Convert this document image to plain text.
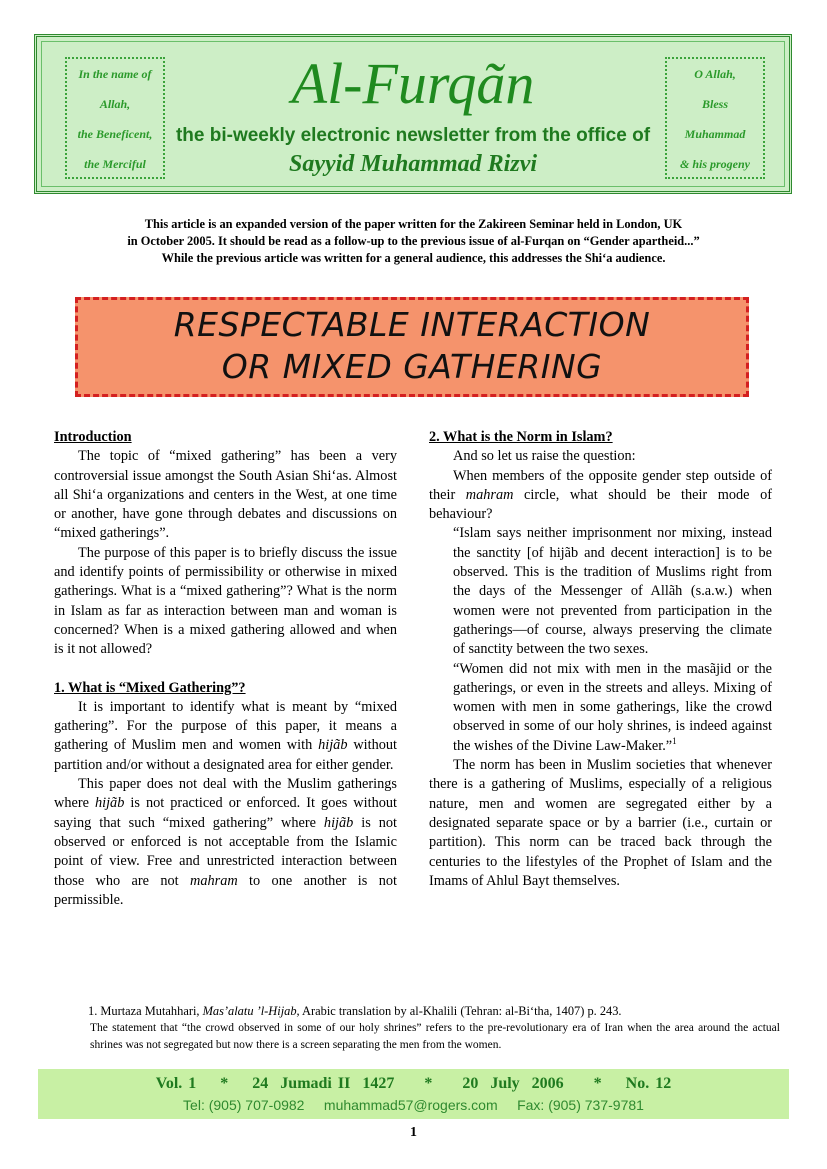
In the name of
Allah,
the Beneficent,
the Merciful
Al-Furqãn
the bi-weekly electronic newsletter from the office of
Sayyid Muhammad Rizvi
O Allah,
Bless
Muhammad
& his progeny
This article is an expanded version of the paper written for the Zakireen Seminar held in London, UK
in October 2005. It should be read as a follow-up to the previous issue of al-Furqan on “Gender apartheid...”
While the previous article was written for a general audience, this addresses the Shi‘a audience.
RESPECTABLE INTERACTION
OR MIXED GATHERING

Introduction

The topic of “mixed gathering” has been a very controversial issue amongst the South Asian Shi‘as. Almost all Shi‘a organizations and centers in the West, at one time or another, have gone through debates and discussions on “mixed gatherings”.

The purpose of this paper is to briefly discuss the issue and identify points of permissibility or otherwise in mixed gatherings. What is a “mixed gathering”? What is the norm in Islam as far as interaction between man and woman is concerned? When is a mixed gathering allowed and when is it not allowed?

1. What is “Mixed Gathering”?

It is important to identify what is meant by “mixed gathering”. For the purpose of this paper, it means a gathering of Muslim men and women with hijãb without partition and/or without a designated area for either gender.

This paper does not deal with the Muslim gatherings where hijãb is not practiced or enforced. It goes without saying that such “mixed gathering” where hijãb is not observed or enforced is not acceptable from the Islamic point of view. Free and unrestricted interaction between those who are not mahram to one another is not permissible.

2. What is the Norm in Islam?

And so let us raise the question:

When members of the opposite gender step outside of their mahram circle, what should be their mode of behaviour?

“Islam says neither imprisonment nor mixing, instead the sanctity [of hijãb and decent interaction] is to be observed. This is the tradition of Muslims right from the days of the Messenger of Allãh (s.a.w.) when women were not prevented from participation in the gatherings—of course, always preserving the climate of sanctity between the two sexes.

“Women did not mix with men in the masãjid or the gatherings, or even in the streets and alleys. Mixing of women with men in some gatherings, like the crowd observed in some of our holy shrines, is indeed against the wishes of the Divine Law-Maker.”$^1$

The norm has been in Muslim societies that whenever there is a gathering of Muslims, especially of a religious nature, men and women are segregated either by a designated separate space or by a barrier (i.e., curtain or partition). This norm can be traced back through the centuries to the lifestyles of the Prophet of Islam and the Imams of Ahlul Bayt themselves.

1. Murtaza Mutahhari, Mas’alatu ’l-Hijab, Arabic translation by al-Khalili (Tehran: al-Bi‘tha, 1407) p. 243.
The statement that “the crowd observed in some of our holy shrines” refers to the pre-revolutionary era of Iran when the area around the actual shrines was not segregated but now there is a screen separating the men from the women.
Vol. 1    *    24  Jumadi II  1427     *     20  July  2006     *    No. 12
Tel: (905) 707-0982     muhammad57@rogers.com     Fax: (905) 737-9781
1
